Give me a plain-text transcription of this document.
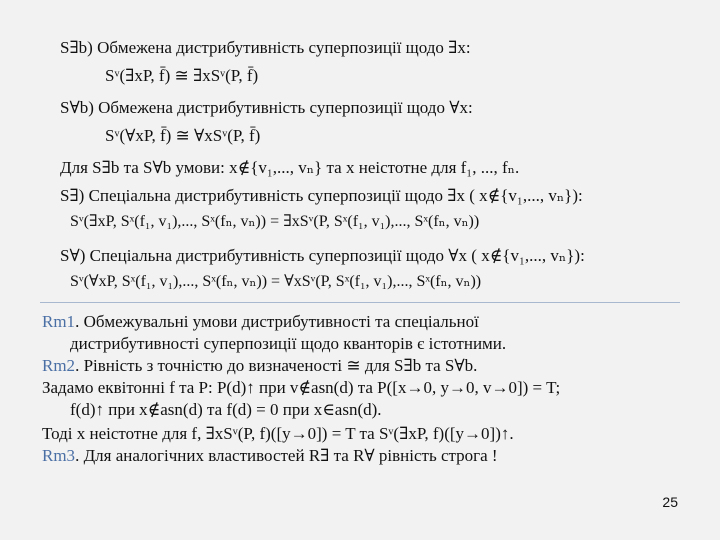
S∃b) Обмежена дистрибутивність суперпозиції щодо ∃x:
Sᵛ(∃xP, f̄) ≅ ∃xSᵛ(P, f̄)
S∀b) Обмежена дистрибутивність суперпозиції щодо ∀x:
Sᵛ(∀xP, f̄) ≅ ∀xSᵛ(P, f̄)
Для S∃b та S∀b умови: x∉{v₁,..., vₙ} та x неістотне для f₁, ..., fₙ.
S∃) Спеціальна дистрибутивність суперпозиції щодо ∃x ( x∉{v₁,..., vₙ}):
Sᵛ(∃xP, Sˣ(f₁, v₁),..., Sˣ(fₙ, vₙ)) = ∃xSᵛ(P, Sˣ(f₁, v₁),..., Sˣ(fₙ, vₙ))
S∀) Спеціальна дистрибутивність суперпозиції щодо ∀x ( x∉{v₁,..., vₙ}):
Sᵛ(∀xP, Sˣ(f₁, v₁),..., Sˣ(fₙ, vₙ)) = ∀xSᵛ(P, Sˣ(f₁, v₁),..., Sˣ(fₙ, vₙ))
Rm1. Обмежувальні умови дистрибутивності та спеціальної
дистрибутивності суперпозиції щодо кванторів є істотними.
Rm2. Рівність з точністю до визначеності ≅ для S∃b та S∀b.
Задамо еквітонні f та P: P(d)↑ при v∉asn(d) та P([x→0, y→0, v→0]) = T;
f(d)↑ при x∉asn(d) та f(d) = 0 при x∈asn(d).
Тоді x неістотне для f, ∃xSᵛ(P, f)([y→0]) = T та Sᵛ(∃xP, f)([y→0])↑.
Rm3. Для аналогічних властивостей R∃ та R∀ рівність строга !
25
